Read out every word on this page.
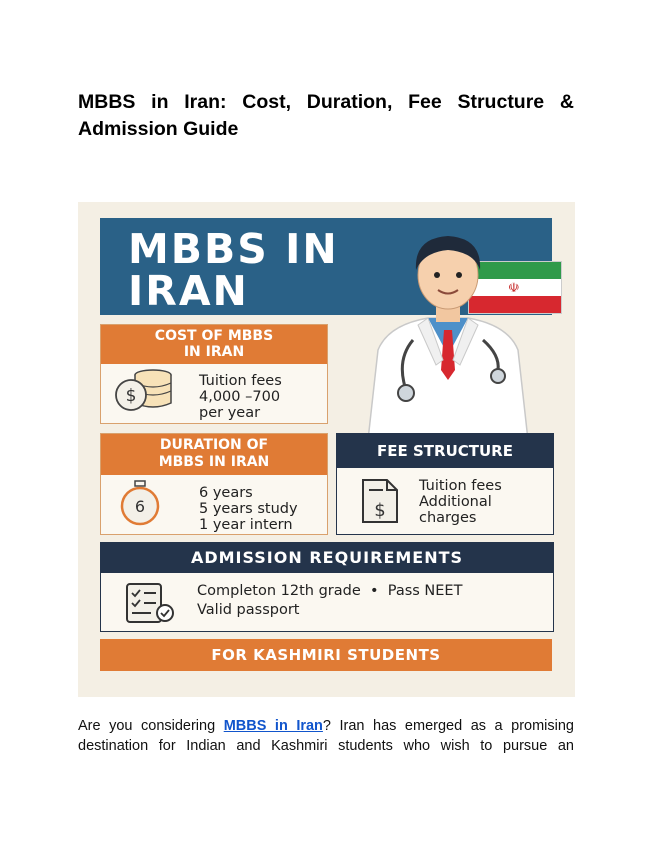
MBBS in Iran: Cost, Duration, Fee Structure & Admission Guide
MBBS IN
IRAN	☫
COST OF MBBS
IN IRAN
$
Tuition fees
4,000 –700
per year
DURATION OF
MBBS IN IRAN
6
6 years
5 years study
1 year intern
FEE STRUCTURE
$
Tuition fees
Additional
charges
ADMISSION REQUIREMENTS
Completon 12th grade  •  Pass NEET
Valid passport
FOR KASHMIRI STUDENTS
Are you considering MBBS in Iran? Iran has emerged as a promising destination for Indian and Kashmiri students who wish to pursue an
